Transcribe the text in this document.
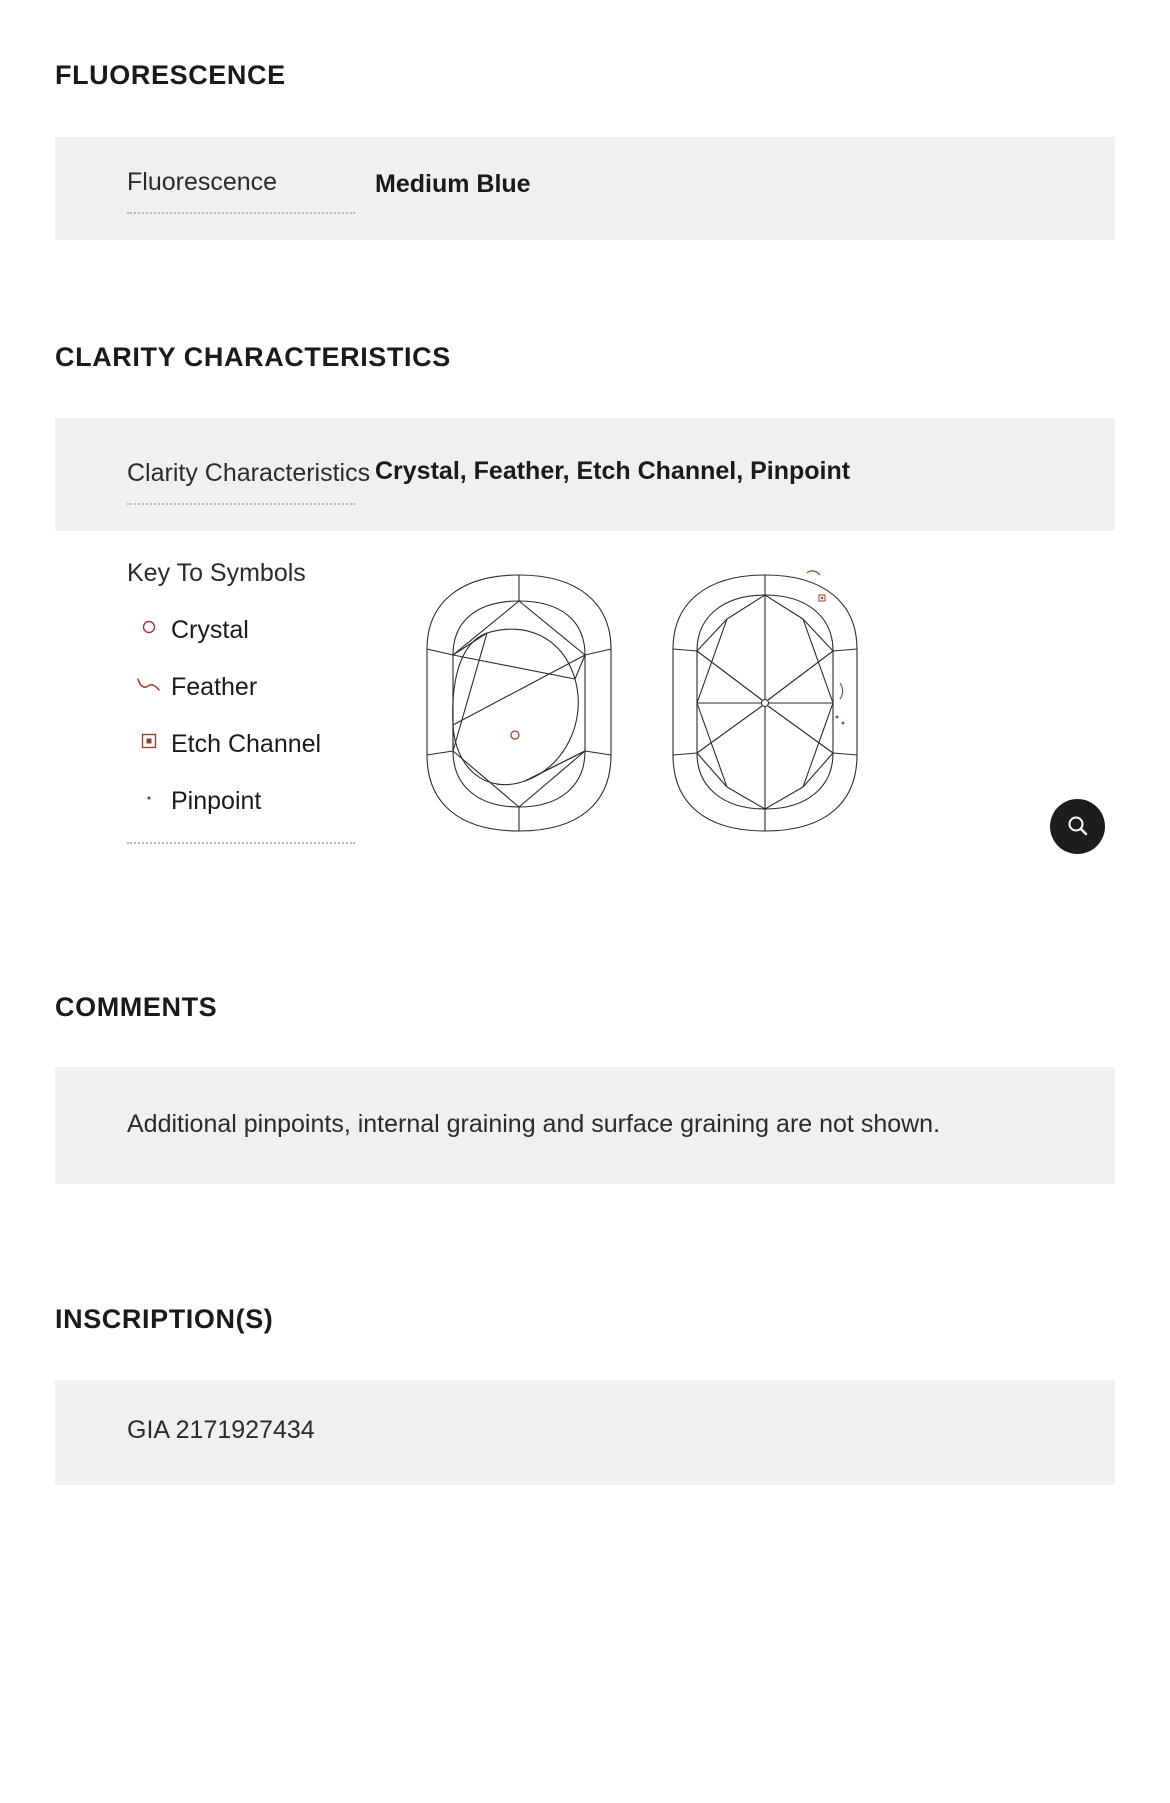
FLUORESCENCE
Fluorescence	Medium Blue
CLARITY CHARACTERISTICS
Clarity Characteristics Crystal, Feather, Etch Channel, Pinpoint
Key To Symbols
Crystal
Feather
Etch Channel
Pinpoint
COMMENTS
Additional pinpoints, internal graining and surface graining are not shown.
INSCRIPTION(S)
GIA 2171927434
